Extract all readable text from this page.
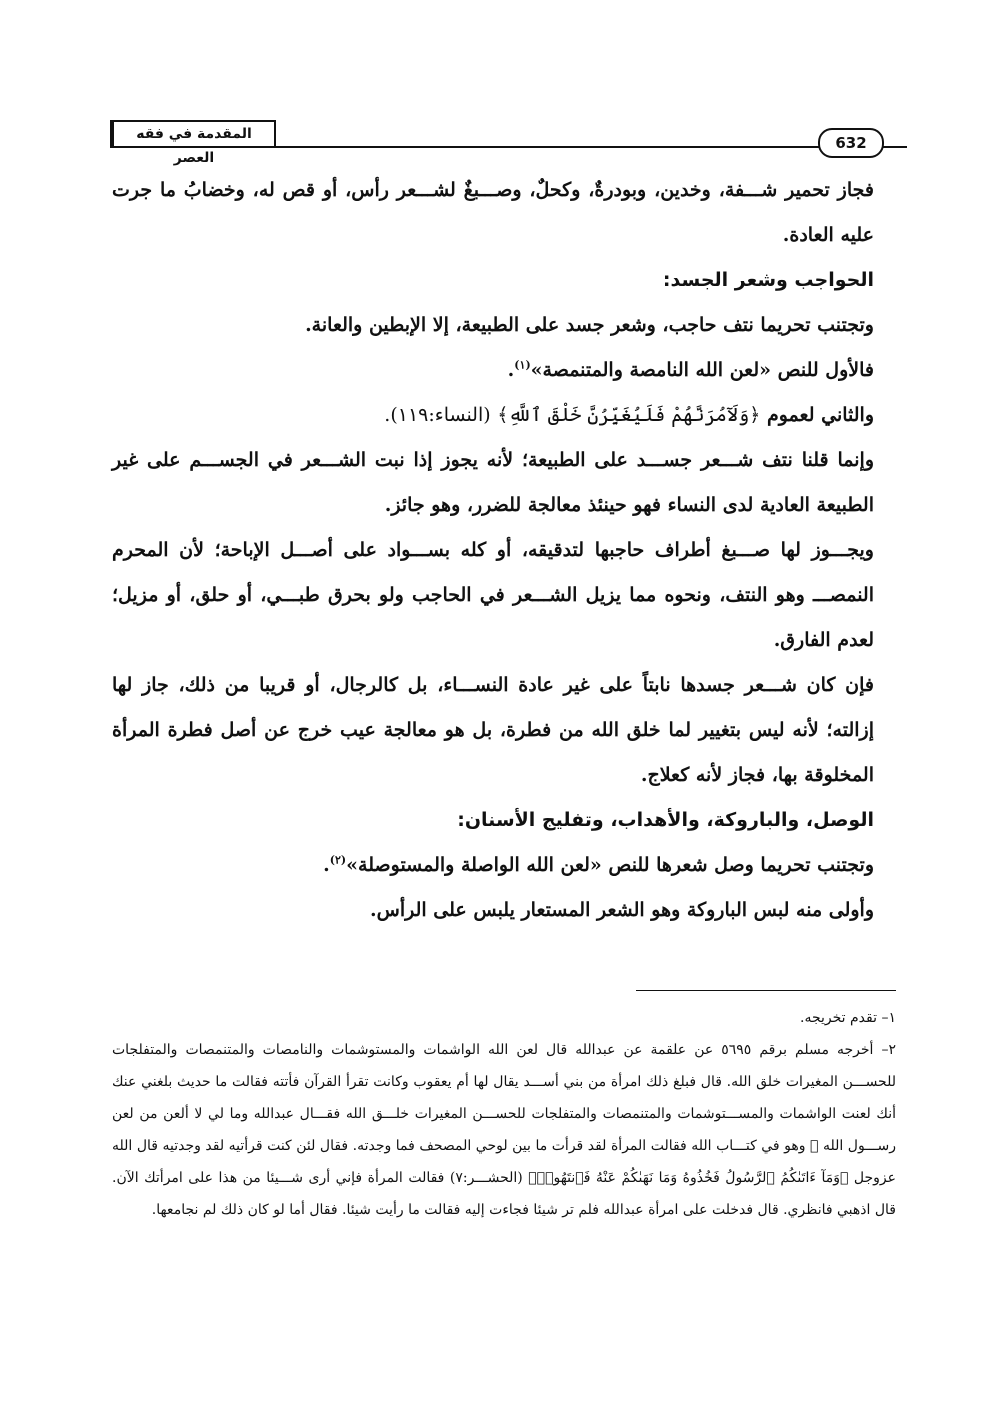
المقدمة في فقه العصر
632

فجاز تحمير شـــفة، وخدين، وبودرةٌ، وكحلٌ، وصـــبغٌ لشـــعر رأس، أو قص له، وخضابُ ما جرت عليه العادة.

الحواجب وشعر الجسد:

وتجتنب تحريما نتف حاجب، وشعر جسد على الطبيعة، إلا الإبطين والعانة.

فالأول للنص «لعن الله النامصة والمتنمصة»$^{(١)}$.

والثاني لعموم ﴿وَلَآمُرَنَّهُمْ فَلَيُغَيِّرُنَّ خَلْقَ ٱللَّهِ﴾ (النساء:١١٩).

وإنما قلنا نتف شـــعر جســـد على الطبيعة؛ لأنه يجوز إذا نبت الشـــعر في الجســـم على غير الطبيعة العادية لدى النساء فهو حينئذ معالجة للضرر، وهو جائز.

ويجـــوز لها صـــبغ أطراف حاجبها لتدقيقه، أو كله بســـواد على أصـــل الإباحة؛ لأن المحرم النمصـــ وهو النتف، ونحوه مما يزيل الشـــعر في الحاجب ولو بحرق طبـــي، أو حلق، أو مزيل؛ لعدم الفارق.

فإن كان شـــعر جسدها نابتاً على غير عادة النســـاء، بل كالرجال، أو قريبا من ذلك، جاز لها إزالته؛ لأنه ليس بتغيير لما خلق الله من فطرة، بل هو معالجة عيب خرج عن أصل فطرة المرأة المخلوقة بها، فجاز لأنه كعلاج.

الوصل، والباروكة، والأهداب، وتفليج الأسنان:

وتجتنب تحريما وصل شعرها للنص «لعن الله الواصلة والمستوصلة»$^{(٢)}$.

وأولى منه لبس الباروكة وهو الشعر المستعار يلبس على الرأس.

١– تقدم تخريجه.

٢– أخرجه مسلم برقم ٥٦٩٥ عن علقمة عن عبدالله قال لعن الله الواشمات والمستوشمات والنامصات والمتنمصات والمتفلجات للحســـن المغيرات خلق الله. قال فبلغ ذلك امرأة من بني أســـد يقال لها أم يعقوب وكانت تقرأ القرآن فأتته فقالت ما حديث بلغني عنك أنك لعنت الواشمات والمســـتوشمات والمتنمصات والمتفلجات للحســـن المغيرات خلـــق الله فقـــال عبدالله وما لي لا ألعن من لعن رســـول الله ﷺ وهو في كتـــاب الله فقالت المرأة لقد قرأت ما بين لوحي المصحف فما وجدته. فقال لئن كنت قرأتيه لقد وجدتيه قال الله عزوجل ﴿وَمَآ ءَاتَىٰكُمُ ٱلرَّسُولُ فَخُذُوهُ وَمَا نَهَىٰكُمْ عَنْهُ فَٱنتَهُوا۟﴾ (الحشـــر:٧) فقالت المرأة فإني أرى شـــيئا من هذا على امرأتك الآن. قال اذهبي فانظري. قال فدخلت على امرأة عبدالله فلم تر شيئا فجاءت إليه فقالت ما رأيت شيئا. فقال أما لو كان ذلك لم نجامعها.
